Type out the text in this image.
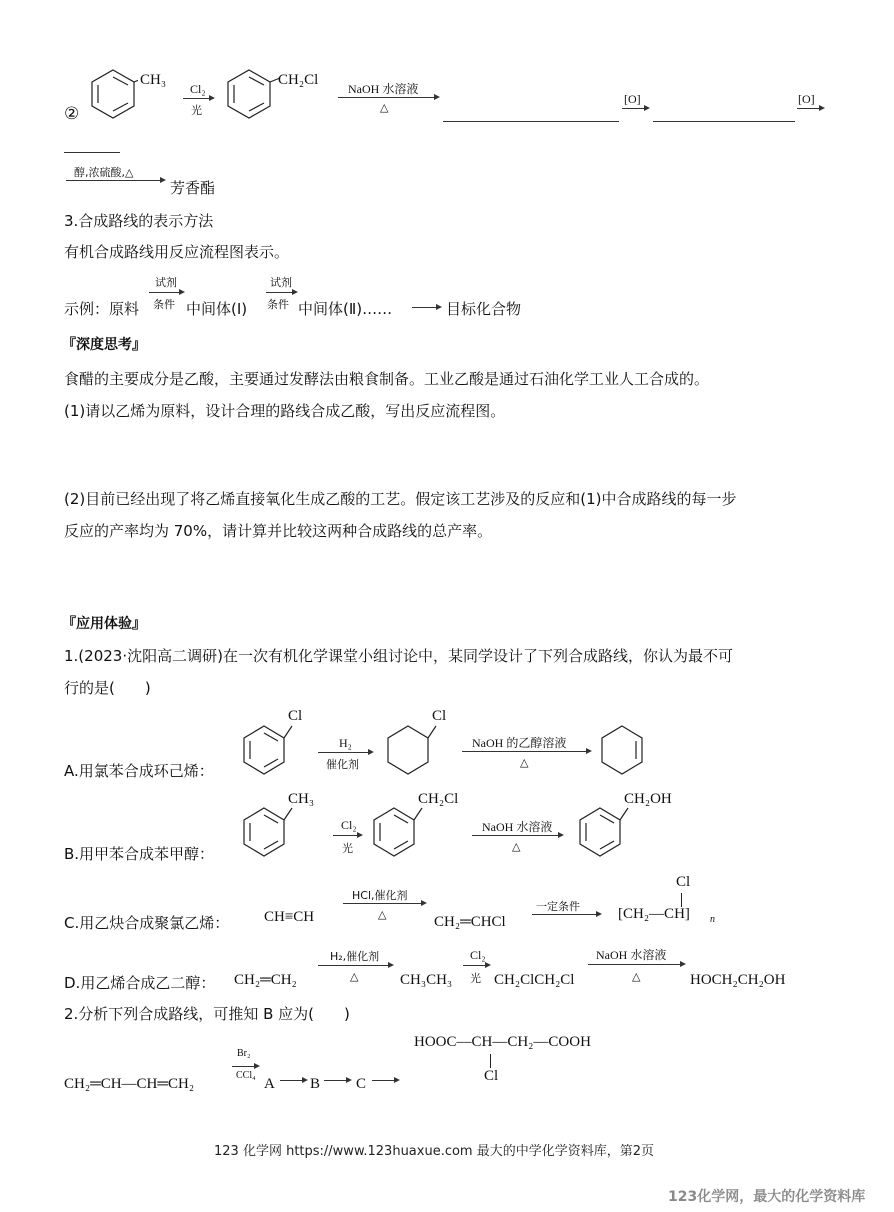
②
CH₃
Cl₂
光
CH₂Cl
NaOH 水溶液
△
[O]	[O]
醇,浓硫酸,△
芳香酯
3.合成路线的表示方法
有机合成路线用反应流程图表示。
示例：原料
试剂
条件 中间体(Ⅰ)
试剂
条件 中间体(Ⅱ)…… → 目标化合物
『深度思考』
食醋的主要成分是乙酸，主要通过发酵法由粮食制备。工业乙酸是通过石油化学工业人工合成的。
(1)请以乙烯为原料，设计合理的路线合成乙酸，写出反应流程图。
(2)目前已经出现了将乙烯直接氧化生成乙酸的工艺。假定该工艺涉及的反应和(1)中合成路线的每一步
反应的产率均为 70%，请计算并比较这两种合成路线的总产率。
『应用体验』
1.(2023·沈阳高二调研)在一次有机化学课堂小组讨论中，某同学设计了下列合成路线，你认为最不可
行的是(　　)
A.用氯苯合成环己烯：
Cl
H₂
催化剂
Cl
NaOH 的乙醇溶液
△
B.用甲苯合成苯甲醇：
CH₃
Cl₂
光
CH₂Cl
NaOH 水溶液
△
CH₂OH
C.用乙炔合成聚氯乙烯： CH≡CH
HCl,催化剂
△	CH₂═CHCl
一定条件
Cl
[CH₂—CH] n
D.用乙烯合成乙二醇： CH₂═CH₂
H₂,催化剂
△	CH₃CH₃
Cl₂
光 CH₂ClCH₂Cl
NaOH 水溶液
△	HOCH₂CH₂OH
2.分析下列合成路线，可推知 B 应为(　　)
HOOC—CH—CH₂—COOH
Cl
CH₂═CH—CH═CH₂
Br₂
CCl₄
A → B → C →
123 化学网 https://www.123huaxue.com 最大的中学化学资料库，第2页
123化学网，最大的化学资料库
